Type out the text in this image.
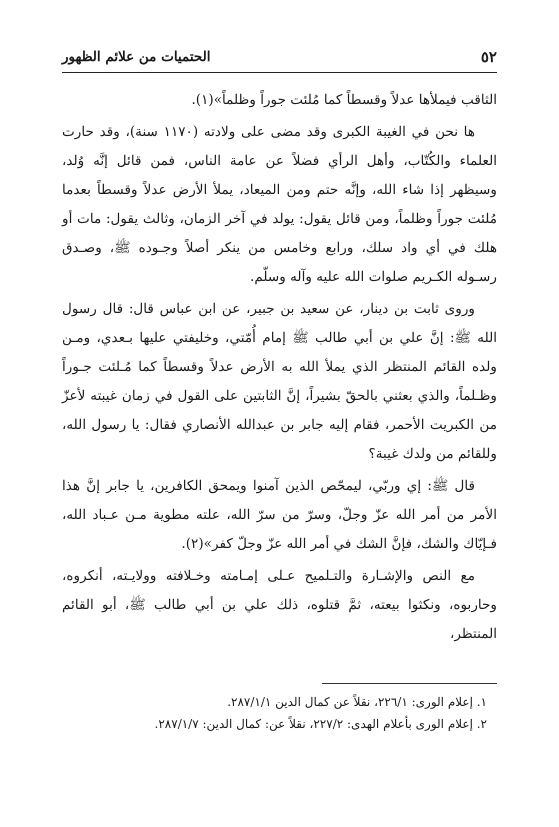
٥٢
الحتميات من علائم الظهور

الثاقب فيملأها عدلاً وقسطاً كما مُلئت جوراً وظلماً»(١).

ها نحن في الغيبة الكبرى وقد مضى على ولادته (١١٧٠ سنة)، وقد حارت العلماء والكُتّاب، وأهل الرأي فضلاً عن عامة الناس، فمن قائل إنَّه وُلد، وسيظهر إذا شاء الله، وإنَّه حتم ومن الميعاد، يملأ الأرض عدلاً وقسطاً بعدما مُلئت جوراً وظلماً، ومن قائل يقول: يولد في آخر الزمان، وثالث يقول: مات أو هلك في أي واد سلك، ورابع وخامس من ينكر أصلاً وجـوده ﷺ، وصـدق رسـوله الكـريم صلوات الله عليه وآله وسلّم.

وروى ثابت بن دينار، عن سعيد بن جبير، عن ابن عباس قال: قال رسول الله ﷺ: إنَّ علي بن أبي طالب ﷺ إمام أُمّتي، وخليفتي عليها بـعدي، ومـن ولده القائم المنتظر الذي يملأ الله به الأرض عدلاً وقسطاً كما مُـلئت جـوراً وظـلماً، والذي بعثني بالحقّ بشيراً، إنَّ الثابتين على القول في زمان غيبته لأعزّ من الكبريت الأحمر، فقام إليه جابر بن عبدالله الأنصاري فقال: يا رسول الله، وللقائم من ولدك غيبة؟

قال ﷺ: إي وربّي، ليمحّص الذين آمنوا ويمحق الكافرين، يا جابر إنَّ هذا الأمر من أمر الله عزّ وجلّ، وسرّ من سرّ الله، علته مطوية مـن عـباد الله، فـإيّاك والشك، فإنَّ الشك في أمر الله عزّ وجلّ كفر»(٢).

مع النص والإشـارة والتـلميح عـلى إمـامته وخـلافته وولايـته، أنكروه، وحاربوه، ونكثوا بيعته، ثمَّ قتلوه، ذلك علي بن أبي طالب ﷺ، أبو القائم المنتظر،

١. إعلام الورى: ٢٢٦/١، نقلاً عن كمال الدين ٢٨٧/١/١.

٢. إعلام الورى بأعلام الهدى: ٢٢٧/٢، نقلاً عن: كمال الدين: ٢٨٧/١/٧.
